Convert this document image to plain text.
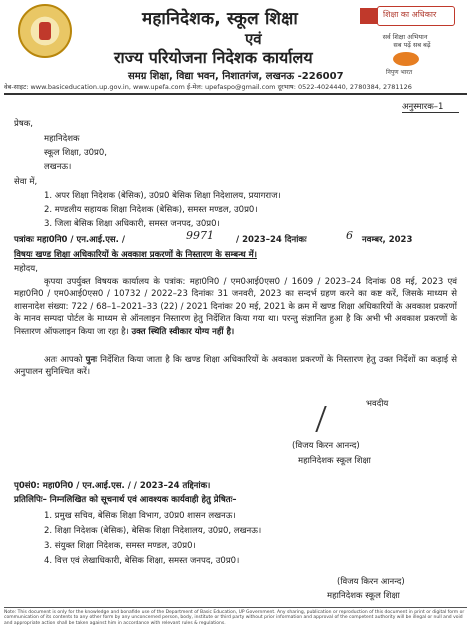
महानिदेशक, स्कूल शिक्षा
एवं
राज्य परियोजना निदेशक कार्यालय
समग्र शिक्षा, विद्या भवन, निशातगंज, लखनऊ -226007
शिक्षा का अधिकार
सर्व शिक्षा अभियान
सब पढ़ें सब बढ़ें
निपुण भारत
वेब-साइट: www.basiceducation.up.gov.in, www.upefa.com ई-मेल: upefaspo@gmail.com दूरभाष: 0522-4024440, 2780384, 2781126
अनुस्मारक–1
प्रेषक,
महानिदेशक
स्कूल शिक्षा, उ0प्र0,
लखनऊ।
सेवा में,
1. अपर शिक्षा निदेशक (बेसिक), उ0प्र0 बेसिक शिक्षा निदेशालय, प्रयागराज।
2. मण्डलीय सहायक शिक्षा निदेशक (बेसिक), समस्त मण्डल, उ0प्र0।
3. जिला बेसिक शिक्षा अधिकारी, समस्त जनपद, उ0प्र0।
पत्रांकः महा0नि0 / एन.आई.एस. /	9971	/ 2023–24 दिनांकः	6 नवम्बर, 2023
विषयः खण्ड शिक्षा अधिकारियों के अवकाश प्रकरणों के निस्तारण के सम्बन्ध में।
महोदय,
कृपया उपर्युक्त विषयक कार्यालय के पत्रांक: महा0नि0 / एम0आई0एस0 / 1609 / 2023–24 दिनांक 08 मई, 2023 एवं महा0नि0 / एम0आई0एस0 / 10732 / 2022–23 दिनांकः 31 जनवरी, 2023 का सन्दर्भ ग्रहण करने का कष्ट करें, जिसके माध्यम से शासनादेश संख्या: 722 / 68–1–2021–33 (22) / 2021 दिनांकः 20 मई, 2021 के क्रम में खण्ड शिक्षा अधिकारियों के अवकाश प्रकरणों के मानव सम्पदा पोर्टल के माध्यम से ऑनलाइन निस्तारण हेतु निर्देशित किया गया था। परन्तु संज्ञानित हुआ है कि अभी भी अवकाश प्रकरणों के निस्तारण ऑफलाइन किया जा रहा है। उक्त स्थिति स्वीकार योग्य नहीं है।
अतः आपको पुनः निर्देशित किया जाता है कि खण्ड शिक्षा अधिकारियों के अवकाश प्रकरणों के निस्तारण हेतु उक्त निर्देशों का कड़ाई से अनुपालन सुनिश्चित करें।
भवदीय
(विजय किरन आनन्द)
महानिदेशक स्कूल शिक्षा
पृ0सं0: महा0नि0 / एन.आई.एस. / / 2023–24 तद्दिनांक।
प्रतिलिपिः– निम्नलिखित को सूचनार्थ एवं आवश्यक कार्यवाही हेतु प्रेषितः–
1. प्रमुख सचिव, बेसिक शिक्षा विभाग, उ0प्र0 शासन लखनऊ।
2. शिक्षा निदेशक (बेसिक), बेसिक शिक्षा निदेशालय, उ0प्र0, लखनऊ।
3. संयुक्त शिक्षा निदेशक, समस्त मण्डल, उ0प्र0।
4. वित्त एवं लेखाधिकारी, बेसिक शिक्षा, समस्त जनपद, उ0प्र0।
(विजय किरन आनन्द)
महानिदेशक स्कूल शिक्षा
Note: This document is only for the knowledge and bonafide use of the Department of Basic Education, UP Government. Any sharing, publication or reproduction of this document in print or digital form or communication of its contents to any other form by any unconcerned person, body, institute or third party without prior information and approval of the competent authority will be illegal or null and void and appropriate action shall be taken against him in accordance with relevant rules & regulations.
